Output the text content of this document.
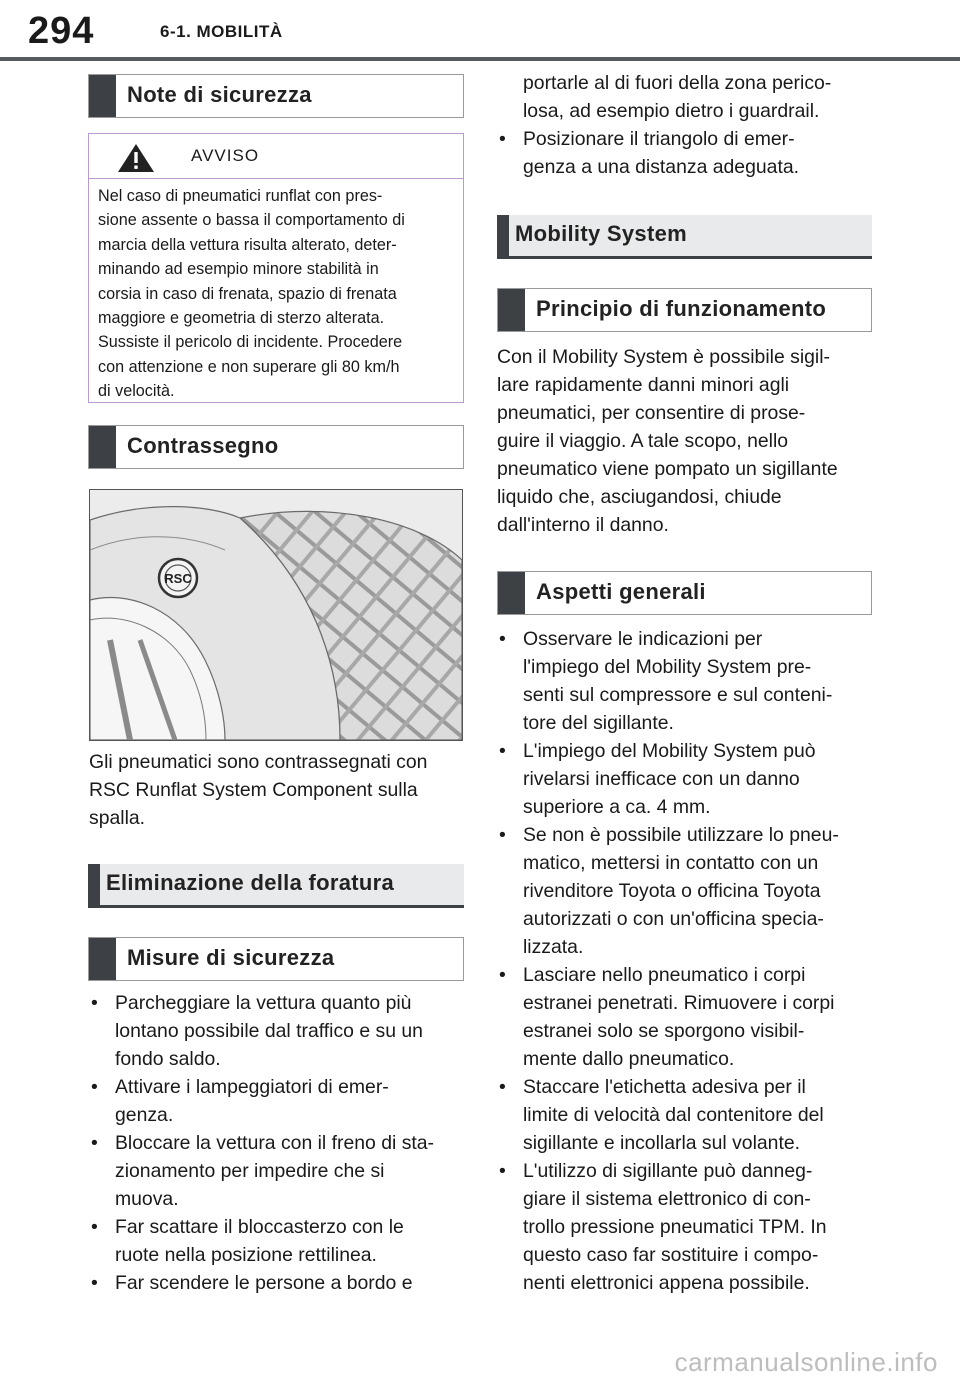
294	6-1. MOBILITÀ
Note di sicurezza
AVVISO
Nel caso di pneumatici runflat con pres-
sione assente o bassa il comportamento di
marcia della vettura risulta alterato, deter-
minando ad esempio minore stabilità in
corsia in caso di frenata, spazio di frenata
maggiore e geometria di sterzo alterata.
Sussiste il pericolo di incidente. Procedere
con attenzione e non superare gli 80 km/h
di velocità.
Contrassegno
RSC
Gli pneumatici sono contrassegnati con
RSC Runflat System Component sulla
spalla.
Eliminazione della foratura
Misure di sicurezza
• Parcheggiare la vettura quanto più
lontano possibile dal traffico e su un
fondo saldo.
• Attivare i lampeggiatori di emer-
genza.
• Bloccare la vettura con il freno di sta-
zionamento per impedire che si
muova.
• Far scattare il bloccasterzo con le
ruote nella posizione rettilinea.
• Far scendere le persone a bordo e
portarle al di fuori della zona perico-
losa, ad esempio dietro i guardrail.
• Posizionare il triangolo di emer-
genza a una distanza adeguata.
Mobility System
Principio di funzionamento
Con il Mobility System è possibile sigil-
lare rapidamente danni minori agli
pneumatici, per consentire di prose-
guire il viaggio. A tale scopo, nello
pneumatico viene pompato un sigillante
liquido che, asciugandosi, chiude
dall'interno il danno.
Aspetti generali
• Osservare le indicazioni per
l'impiego del Mobility System pre-
senti sul compressore e sul conteni-
tore del sigillante.
• L'impiego del Mobility System può
rivelarsi inefficace con un danno
superiore a ca. 4 mm.
• Se non è possibile utilizzare lo pneu-
matico, mettersi in contatto con un
rivenditore Toyota o officina Toyota
autorizzati o con un'officina specia-
lizzata.
• Lasciare nello pneumatico i corpi
estranei penetrati. Rimuovere i corpi
estranei solo se sporgono visibil-
mente dallo pneumatico.
• Staccare l'etichetta adesiva per il
limite di velocità dal contenitore del
sigillante e incollarla sul volante.
• L'utilizzo di sigillante può danneg-
giare il sistema elettronico di con-
trollo pressione pneumatici TPM. In
questo caso far sostituire i compo-
nenti elettronici appena possibile.
carmanualsonline.info
